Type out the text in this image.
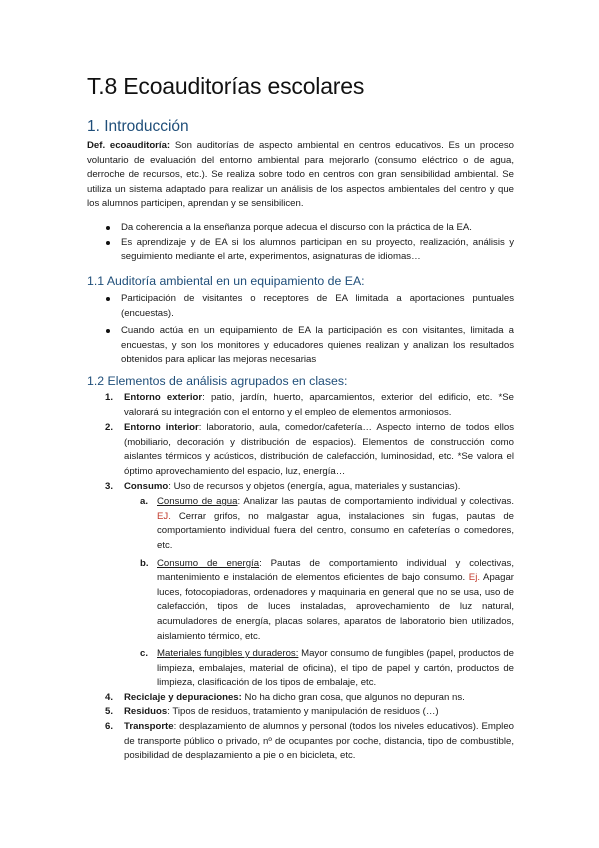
T.8 Ecoauditorías escolares
1. Introducción
Def. ecoauditoría: Son auditorías de aspecto ambiental en centros educativos. Es un proceso voluntario de evaluación del entorno ambiental para mejorarlo (consumo eléctrico o de agua, derroche de recursos, etc.). Se realiza sobre todo en centros con gran sensibilidad ambiental. Se utiliza un sistema adaptado para realizar un análisis de los aspectos ambientales del centro y que los alumnos participen, aprendan y se sensibilicen.
Da coherencia a la enseñanza porque adecua el discurso con la práctica de la EA.
Es aprendizaje y de EA si los alumnos participan en su proyecto, realización, análisis y seguimiento mediante el arte, experimentos, asignaturas de idiomas…
1.1 Auditoría ambiental en un equipamiento de EA:
Participación de visitantes o receptores de EA limitada a aportaciones puntuales (encuestas).
Cuando actúa en un equipamiento de EA la participación es con visitantes, limitada a encuestas, y son los monitores y educadores quienes realizan y analizan los resultados obtenidos para aplicar las mejoras necesarias
1.2 Elementos de análisis agrupados en clases:
1. Entorno exterior: patio, jardín, huerto, aparcamientos, exterior del edificio, etc. *Se valorará su integración con el entorno y el empleo de elementos armoniosos.
2. Entorno interior: laboratorio, aula, comedor/cafetería… Aspecto interno de todos ellos (mobiliario, decoración y distribución de espacios). Elementos de construcción como aislantes térmicos y acústicos, distribución de calefacción, luminosidad, etc. *Se valora el óptimo aprovechamiento del espacio, luz, energía…
3. Consumo: Uso de recursos y objetos (energía, agua, materiales y sustancias).
a. Consumo de agua: Analizar las pautas de comportamiento individual y colectivas. EJ. Cerrar grifos, no malgastar agua, instalaciones sin fugas, pautas de comportamiento individual fuera del centro, consumo en cafeterías o comedores, etc.
b. Consumo de energía: Pautas de comportamiento individual y colectivas, mantenimiento e instalación de elementos eficientes de bajo consumo. Ej. Apagar luces, fotocopiadoras, ordenadores y maquinaria en general que no se usa, uso de calefacción, tipos de luces instaladas, aprovechamiento de luz natural, acumuladores de energía, placas solares, aparatos de laboratorio bien utilizados, aislamiento térmico, etc.
c. Materiales fungibles y duraderos: Mayor consumo de fungibles (papel, productos de limpieza, embalajes, material de oficina), el tipo de papel y cartón, productos de limpieza, clasificación de los tipos de embalaje, etc.
4. Reciclaje y depuraciones: No ha dicho gran cosa, que algunos no depuran ns.
5. Residuos: Tipos de residuos, tratamiento y manipulación de residuos (…)
6. Transporte: desplazamiento de alumnos y personal (todos los niveles educativos). Empleo de transporte público o privado, nº de ocupantes por coche, distancia, tipo de combustible, posibilidad de desplazamiento a pie o en bicicleta, etc.
